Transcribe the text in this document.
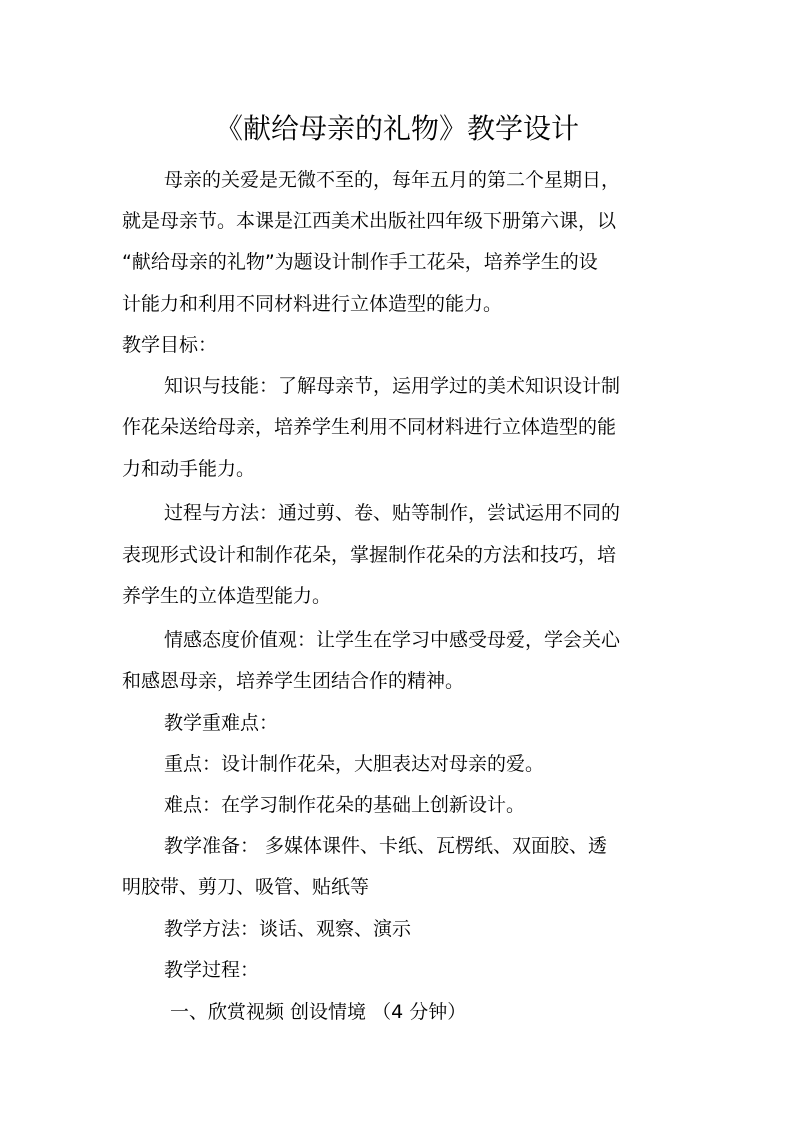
《献给母亲的礼物》教学设计
母亲的关爱是无微不至的，每年五月的第二个星期日，
就是母亲节。本课是江西美术出版社四年级下册第六课，以
“献给母亲的礼物”为题设计制作手工花朵，培养学生的设
计能力和利用不同材料进行立体造型的能力。
教学目标：
知识与技能：了解母亲节，运用学过的美术知识设计制
作花朵送给母亲，培养学生利用不同材料进行立体造型的能
力和动手能力。
过程与方法：通过剪、卷、贴等制作，尝试运用不同的
表现形式设计和制作花朵，掌握制作花朵的方法和技巧，培
养学生的立体造型能力。
情感态度价值观：让学生在学习中感受母爱，学会关心
和感恩母亲，培养学生团结合作的精神。
教学重难点：
重点：设计制作花朵，大胆表达对母亲的爱。
难点：在学习制作花朵的基础上创新设计。
教学准备： 多媒体课件、卡纸、瓦楞纸、双面胶、透
明胶带、剪刀、吸管、贴纸等
教学方法：谈话、观察、演示
教学过程：
一、欣赏视频 创设情境 （4 分钟）
